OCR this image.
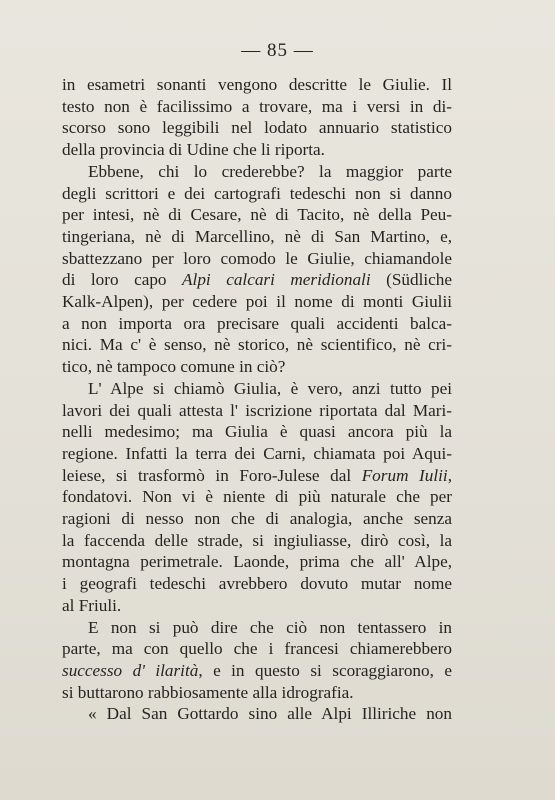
— 85 —
in esametri sonanti vengono descritte le Giulie. Il
testo non è facilissimo a trovare, ma i versi in di-
scorso sono leggibili nel lodato annuario statistico
della provincia di Udine che li riporta.
Ebbene, chi lo crederebbe? la maggior parte
degli scrittori e dei cartografi tedeschi non si danno
per intesi, nè di Cesare, nè di Tacito, nè della Peu-
tingeriana, nè di Marcellino, nè di San Martino, e,
sbattezzano per loro comodo le Giulie, chiamandole
di loro capo Alpi calcari meridionali (Südliche
Kalk-Alpen), per cedere poi il nome di monti Giulii
a non importa ora precisare quali accidenti balca-
nici. Ma c' è senso, nè storico, nè scientifico, nè cri-
tico, nè tampoco comune in ciò?
L' Alpe si chiamò Giulia, è vero, anzi tutto pei
lavori dei quali attesta l' iscrizione riportata dal Mari-
nelli medesimo; ma Giulia è quasi ancora più la
regione. Infatti la terra dei Carni, chiamata poi Aqui-
leiese, si trasformò in Foro-Julese dal Forum Iulii,
fondatovi. Non vi è niente di più naturale che per
ragioni di nesso non che di analogia, anche senza
la faccenda delle strade, si ingiuliasse, dirò così, la
montagna perimetrale. Laonde, prima che all' Alpe,
i geografi tedeschi avrebbero dovuto mutar nome
al Friuli.
E non si può dire che ciò non tentassero in
parte, ma con quello che i francesi chiamerebbero
successo d' ilarità, e in questo si scoraggiarono, e
si buttarono rabbiosamente alla idrografia.
« Dal San Gottardo sino alle Alpi Illiriche non
